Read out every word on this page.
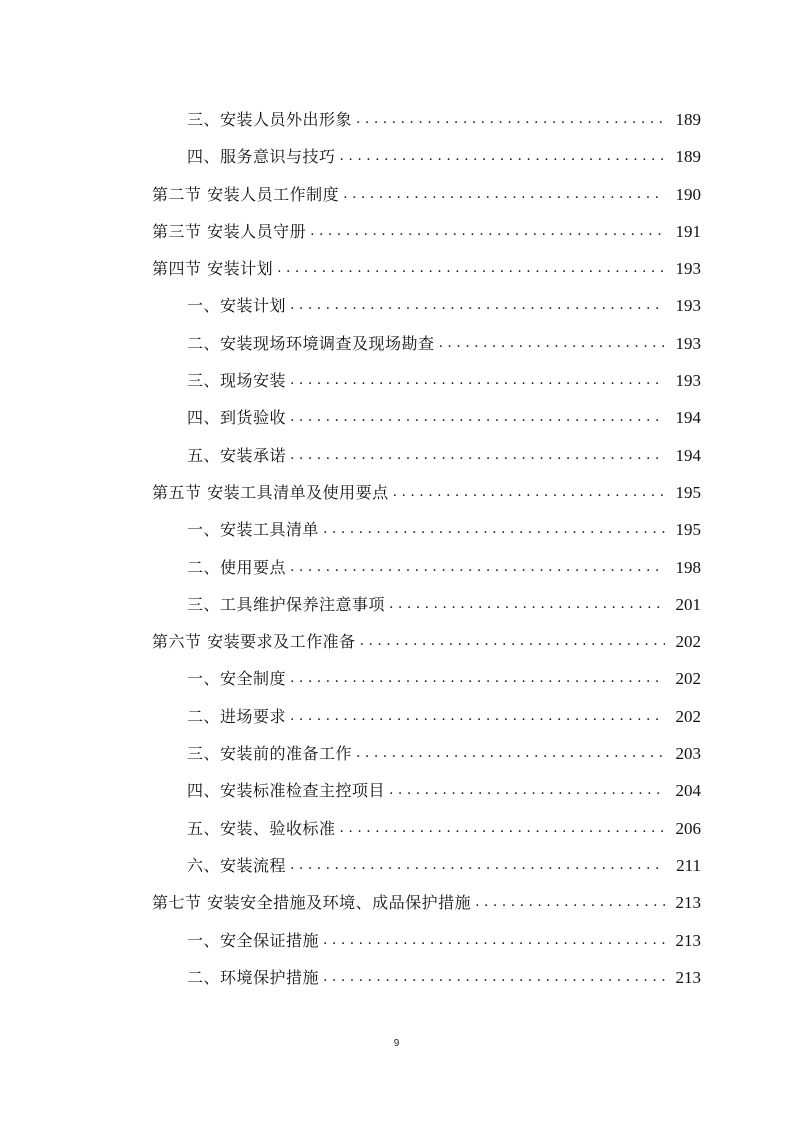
三、安装人员外出形象 . . .	189
四、服务意识与技巧 . . .	189
第二节 安装人员工作制度 . . .	190
第三节 安装人员守册 . . .	191
第四节 安装计划 . . .	193
一、安装计划 . . .	193
二、安装现场环境调查及现场勘查 . . .	193
三、现场安装 . . .	193
四、到货验收 . . .	194
五、安装承诺 . . .	194
第五节 安装工具清单及使用要点 . . .	195
一、安装工具清单 . . .	195
二、使用要点 . . .	198
三、工具维护保养注意事项 . . .	201
第六节 安装要求及工作准备 . . .	202
一、安全制度 . . .	202
二、进场要求 . . .	202
三、安装前的准备工作 . . .	203
四、安装标准检查主控项目 . . .	204
五、安装、验收标准 . . .	206
六、安装流程 . . .	211
第七节 安装安全措施及环境、成品保护措施 . . .	213
一、安全保证措施 . . .	213
二、环境保护措施 . . .	213
9
